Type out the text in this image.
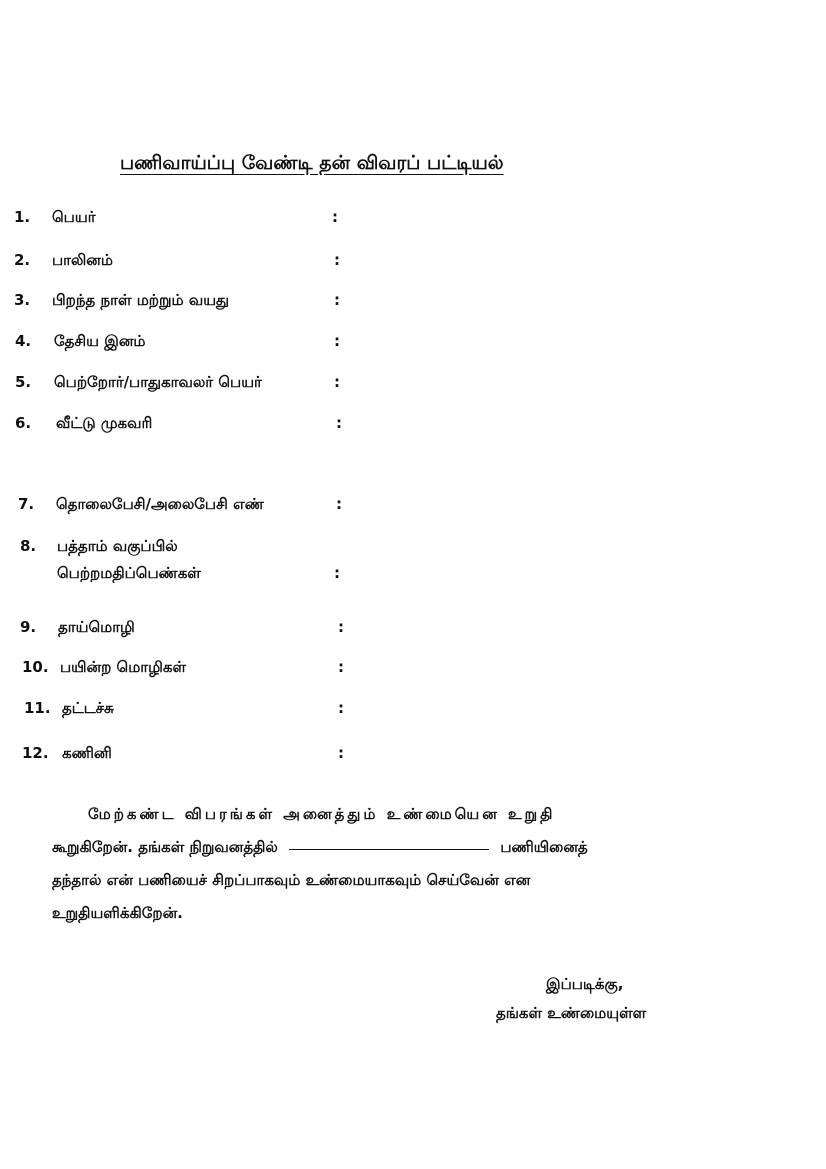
பணிவாய்ப்பு வேண்டி தன் விவரப் பட்டியல்
1. பெயர்	:
2. பாலினம்	:
3. பிறந்த நாள் மற்றும் வயது	:
4. தேசிய இனம்	:
5. பெற்றோர்/பாதுகாவலர் பெயர்	:
6. வீட்டு முகவரி	:
7. தொலைபேசி/அலைபேசி எண்	:
8. பத்தாம் வகுப்பில்
பெற்றமதிப்பெண்கள்	:
9. தாய்மொழி	:
10. பயின்ற மொழிகள்	:
11. தட்டச்சு	:
12. கணினி	:
மேற்கண்ட விபரங்கள் அனைத்தும் உண்மையென உறுதி
கூறுகிறேன். தங்கள் நிறுவனத்தில்	பணியினைத்
தந்தால் என் பணியைச் சிறப்பாகவும் உண்மையாகவும் செய்வேன் என
உறுதியளிக்கிறேன்.
இப்படிக்கு,
தங்கள் உண்மையுள்ள
